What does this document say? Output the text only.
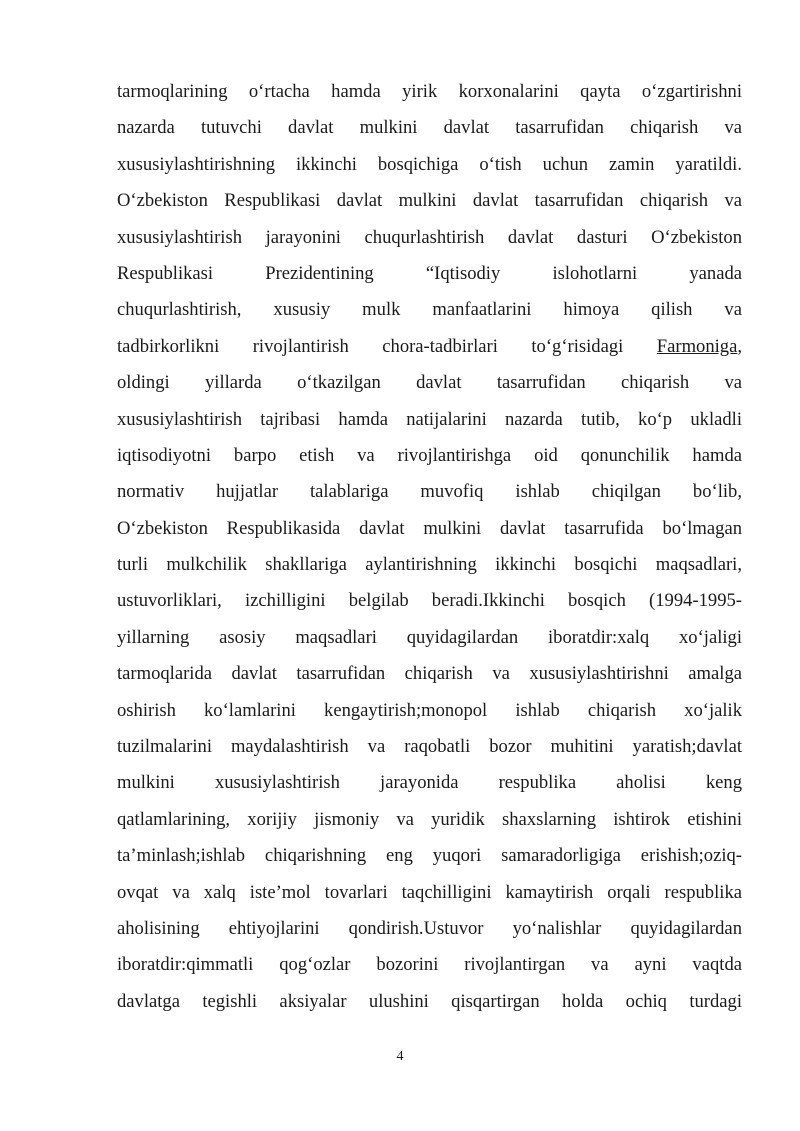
tarmoqlarining o‘rtacha hamda yirik korxonalarini qayta o‘zgartirishni
nazarda tutuvchi davlat mulkini davlat tasarrufidan chiqarish va
xususiylashtirishning ikkinchi bosqichiga o‘tish uchun zamin yaratildi.
O‘zbekiston Respublikasi davlat mulkini davlat tasarrufidan chiqarish va
xususiylashtirish jarayonini chuqurlashtirish davlat dasturi O‘zbekiston
Respublikasi Prezidentining “Iqtisodiy islohotlarni yanada
chuqurlashtirish, xususiy mulk manfaatlarini himoya qilish va
tadbirkorlikni rivojlantirish chora-tadbirlari to‘g‘risidagi Farmoniga,
oldingi yillarda o‘tkazilgan davlat tasarrufidan chiqarish va
xususiylashtirish tajribasi hamda natijalarini nazarda tutib, ko‘p ukladli
iqtisodiyotni barpo etish va rivojlantirishga oid qonunchilik hamda
normativ hujjatlar talablariga muvofiq ishlab chiqilgan bo‘lib,
O‘zbekiston Respublikasida davlat mulkini davlat tasarrufida bo‘lmagan
turli mulkchilik shakllariga aylantirishning ikkinchi bosqichi maqsadlari,
ustuvorliklari, izchilligini belgilab beradi.Ikkinchi bosqich (1994-1995-
yillarning asosiy maqsadlari quyidagilardan iboratdir:xalq xo‘jaligi
tarmoqlarida davlat tasarrufidan chiqarish va xususiylashtirishni amalga
oshirish ko‘lamlarini kengaytirish;monopol ishlab chiqarish xo‘jalik
tuzilmalarini maydalashtirish va raqobatli bozor muhitini yaratish;davlat
mulkini xususiylashtirish jarayonida respublika aholisi keng
qatlamlarining, xorijiy jismoniy va yuridik shaxslarning ishtirok etishini
ta’minlash;ishlab chiqarishning eng yuqori samaradorligiga erishish;oziq-
ovqat va xalq iste’mol tovarlari taqchilligini kamaytirish orqali respublika
aholisining ehtiyojlarini qondirish.Ustuvor yo‘nalishlar quyidagilardan
iboratdir:qimmatli qog‘ozlar bozorini rivojlantirgan va ayni vaqtda
davlatga tegishli aksiyalar ulushini qisqartirgan holda ochiq turdagi
4
